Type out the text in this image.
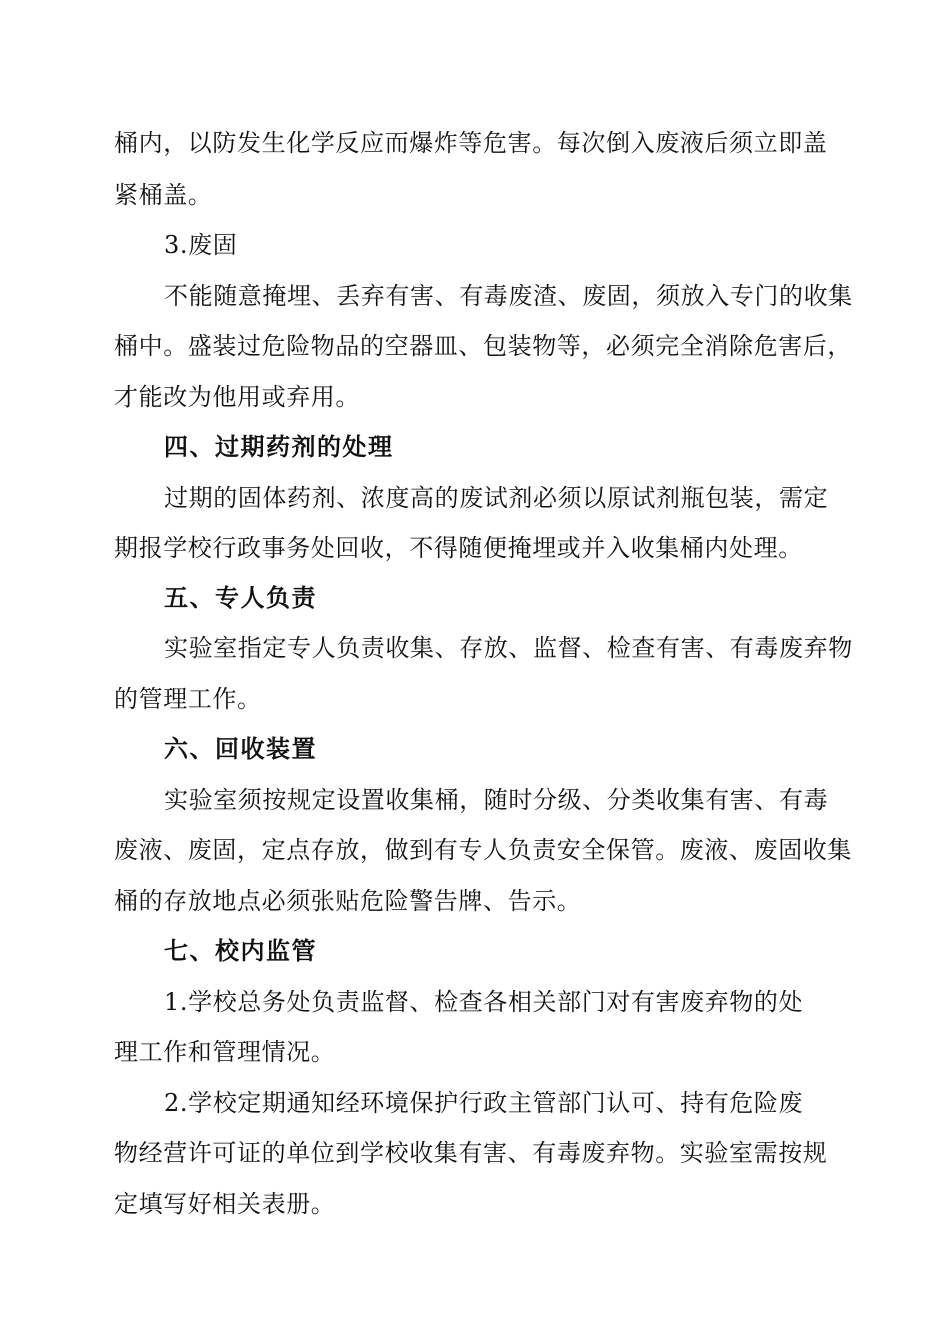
桶内，以防发生化学反应而爆炸等危害。每次倒入废液后须立即盖
紧桶盖。
3.废固
不能随意掩埋、丢弃有害、有毒废渣、废固，须放入专门的收集
桶中。盛装过危险物品的空器皿、包装物等，必须完全消除危害后，
才能改为他用或弃用。
四、过期药剂的处理
过期的固体药剂、浓度高的废试剂必须以原试剂瓶包装，需定
期报学校行政事务处回收，不得随便掩埋或并入收集桶内处理。
五、专人负责
实验室指定专人负责收集、存放、监督、检查有害、有毒废弃物
的管理工作。
六、回收装置
实验室须按规定设置收集桶，随时分级、分类收集有害、有毒
废液、废固，定点存放，做到有专人负责安全保管。废液、废固收集
桶的存放地点必须张贴危险警告牌、告示。
七、校内监管
1.学校总务处负责监督、检查各相关部门对有害废弃物的处
理工作和管理情况。
2.学校定期通知经环境保护行政主管部门认可、持有危险废
物经营许可证的单位到学校收集有害、有毒废弃物。实验室需按规
定填写好相关表册。
